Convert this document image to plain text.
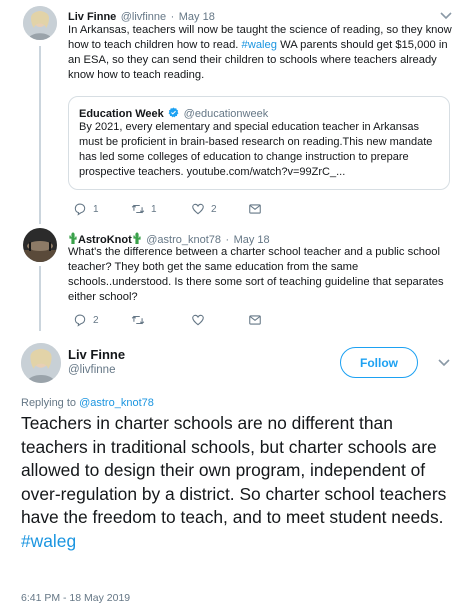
Liv Finne @livfinne · May 18
In Arkansas, teachers will now be taught the science of reading, so they know how to teach children how to read. #waleg WA parents should get $15,000 in an ESA, so they can send their children to schools where teachers already know how to teach reading.
Education Week @educationweek
By 2021, every elementary and special education teacher in Arkansas must be proficient in brain-based research on reading.This new mandate has led some colleges of education to change instruction to prepare prospective teachers. youtube.com/watch?v=99ZrC_...
1	1	2
AstroKnot @astro_knot78 · May 18
What's the difference between a charter school teacher and a public school teacher? They both get the same education from the same schools..understood. Is there some sort of teaching guideline that separates either school?
2
Liv Finne
@livfinne
Follow
Replying to @astro_knot78
Teachers in charter schools are no different than teachers in traditional schools, but charter schools are allowed to design their own program, independent of over-regulation by a district. So charter school teachers have the freedom to teach, and to meet student needs. #waleg
6:41 PM - 18 May 2019
